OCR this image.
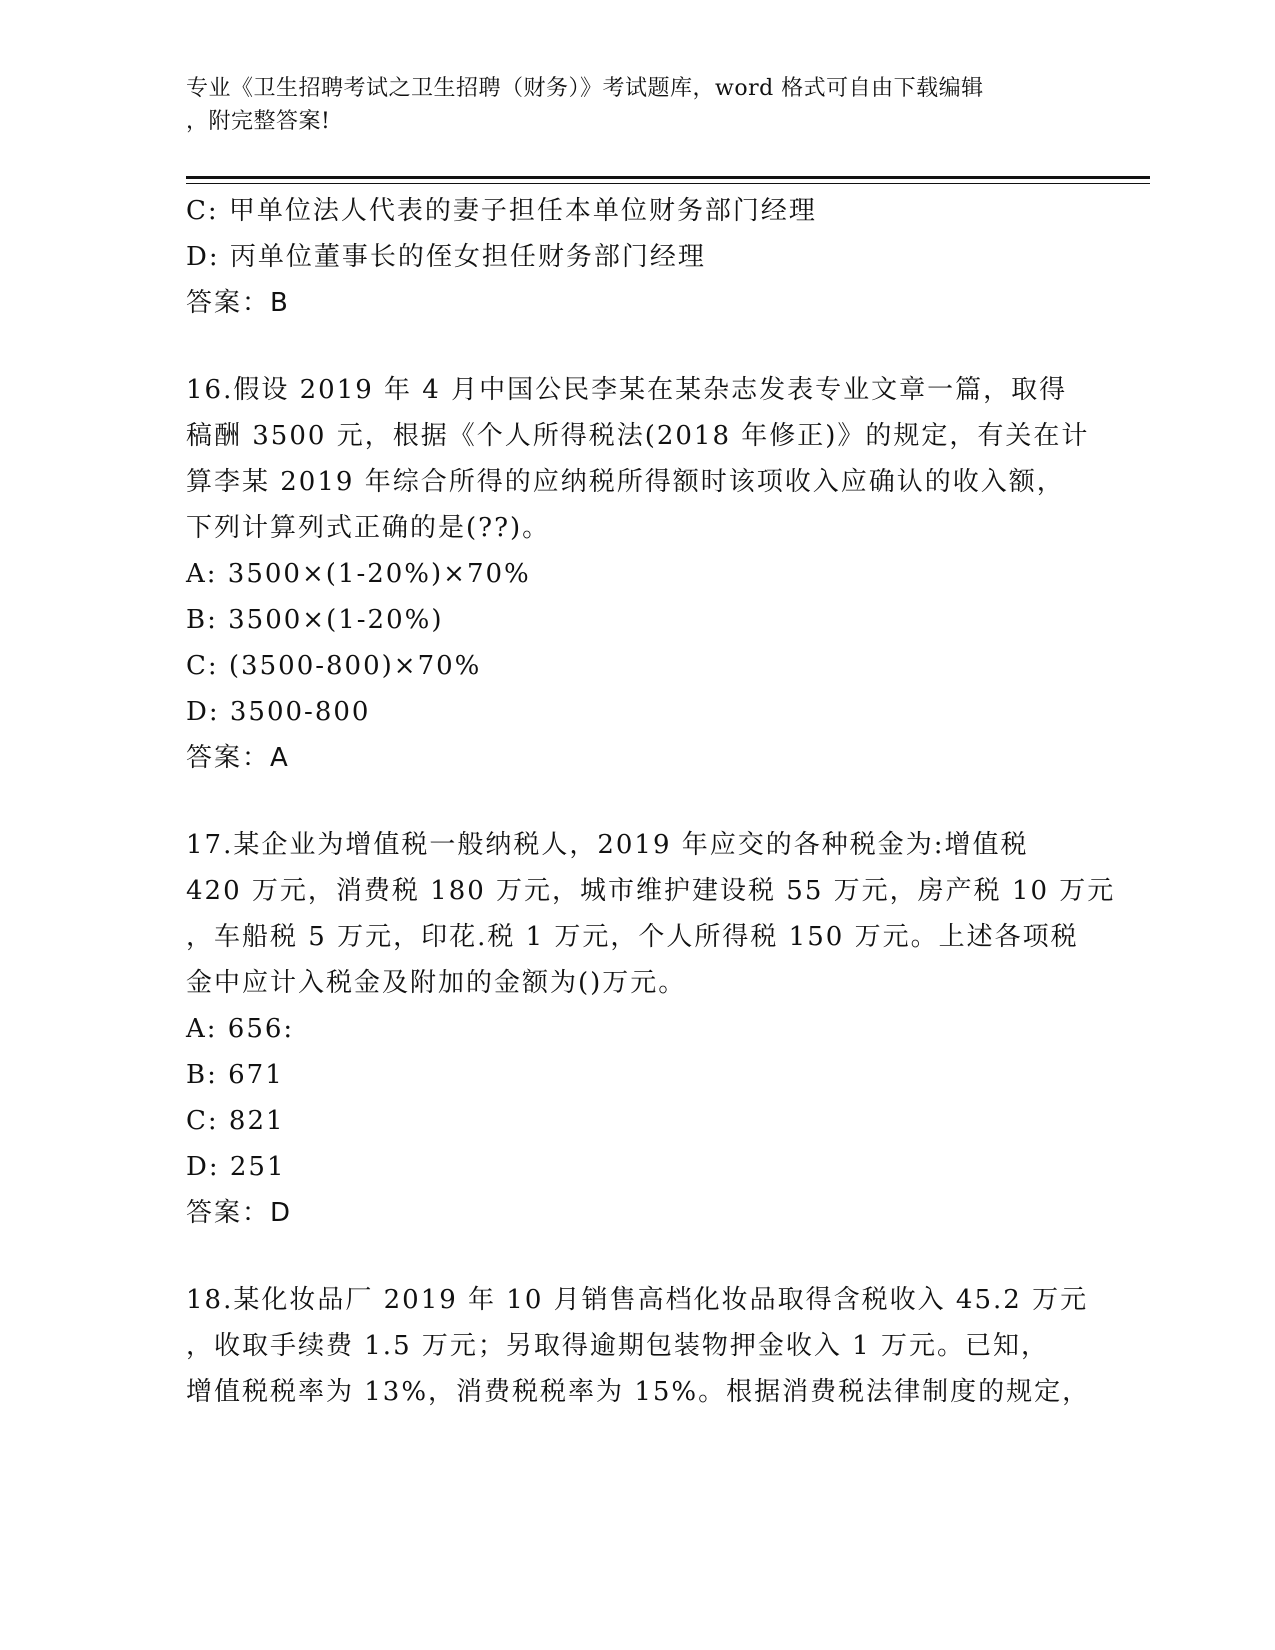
专业《卫生招聘考试之卫生招聘（财务）》考试题库，word 格式可自由下载编辑
，附完整答案!
C: 甲单位法人代表的妻子担任本单位财务部门经理
D: 丙单位董事长的侄女担任财务部门经理
答案：B
16.假设 2019 年 4 月中国公民李某在某杂志发表专业文章一篇，取得
稿酬 3500 元，根据《个人所得税法(2018 年修正)》的规定，有关在计
算李某 2019 年综合所得的应纳税所得额时该项收入应确认的收入额，
下列计算列式正确的是(??)。
A: 3500×(1-20%)×70%
B: 3500×(1-20%)
C: (3500-800)×70%
D: 3500-800
答案：A
17.某企业为增值税一般纳税人，2019 年应交的各种税金为:增值税
420 万元，消费税 180 万元，城市维护建设税 55 万元，房产税 10 万元
，车船税 5 万元，印花.税 1 万元，个人所得税 150 万元。上述各项税
金中应计入税金及附加的金额为()万元。
A: 656:
B: 671
C: 821
D: 251
答案：D
18.某化妆品厂 2019 年 10 月销售高档化妆品取得含税收入 45.2 万元
，收取手续费 1.5 万元；另取得逾期包装物押金收入 1 万元。已知，
增值税税率为 13%，消费税税率为 15%。根据消费税法律制度的规定，
